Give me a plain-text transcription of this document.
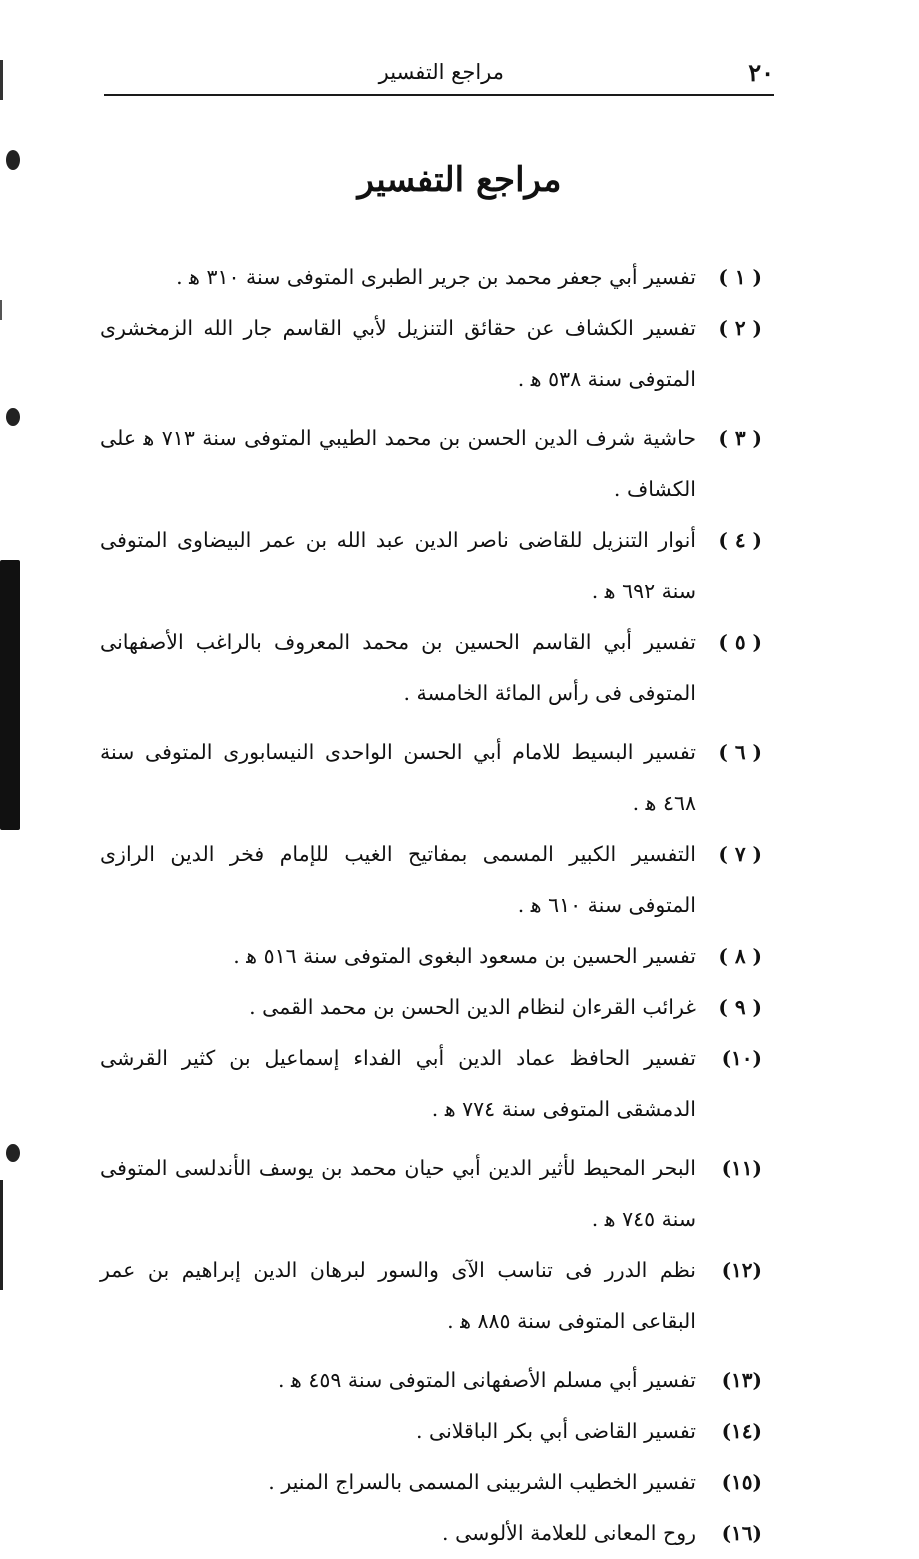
٢٠
مراجع التفسير
مراجع التفسير
( ١ )
تفسير أبي جعفر محمد بن جرير الطبرى المتوفى سنة ٣١٠ ﻫ .
( ٢ )
تفسير الكشاف عن حقائق التنزيل لأبي القاسم جار الله الزمخشرى المتوفى سنة ٥٣٨ ﻫ .
( ٣ )
حاشية شرف الدين الحسن بن محمد الطيبي المتوفى سنة ٧١٣ ﻫ على الكشاف .
( ٤ )
أنوار التنزيل للقاضى ناصر الدين عبد الله بن عمر البيضاوى المتوفى سنة ٦٩٢ ﻫ .
( ٥ )
تفسير أبي القاسم الحسين بن محمد المعروف بالراغب الأصفهانى المتوفى فى رأس المائة الخامسة .
( ٦ )
تفسير البسيط للامام أبي الحسن الواحدى النيسابورى المتوفى سنة ٤٦٨ ﻫ .
( ٧ )
التفسير الكبير المسمى بمفاتيح الغيب للإمام فخر الدين الرازى المتوفى سنة ٦١٠ ﻫ .
( ٨ )
تفسير الحسين بن مسعود البغوى المتوفى سنة ٥١٦ ﻫ .
( ٩ )
غرائب القرءان لنظام الدين الحسن بن محمد القمى .
(١٠)
تفسير الحافظ عماد الدين أبي الفداء إسماعيل بن كثير القرشى الدمشقى المتوفى سنة ٧٧٤ ﻫ .
(١١)
البحر المحيط لأثير الدين أبي حيان محمد بن يوسف الأندلسى المتوفى سنة ٧٤٥ ﻫ .
(١٢)
نظم الدرر فى تناسب الآى والسور لبرهان الدين إبراهيم بن عمر البقاعى المتوفى سنة ٨٨٥ ﻫ .
(١٣)
تفسير أبي مسلم الأصفهانى المتوفى سنة ٤٥٩ ﻫ .
(١٤)
تفسير القاضى أبي بكر الباقلانى .
(١٥)
تفسير الخطيب الشربينى المسمى بالسراج المنير .
(١٦)
روح المعانى للعلامة الألوسى .
